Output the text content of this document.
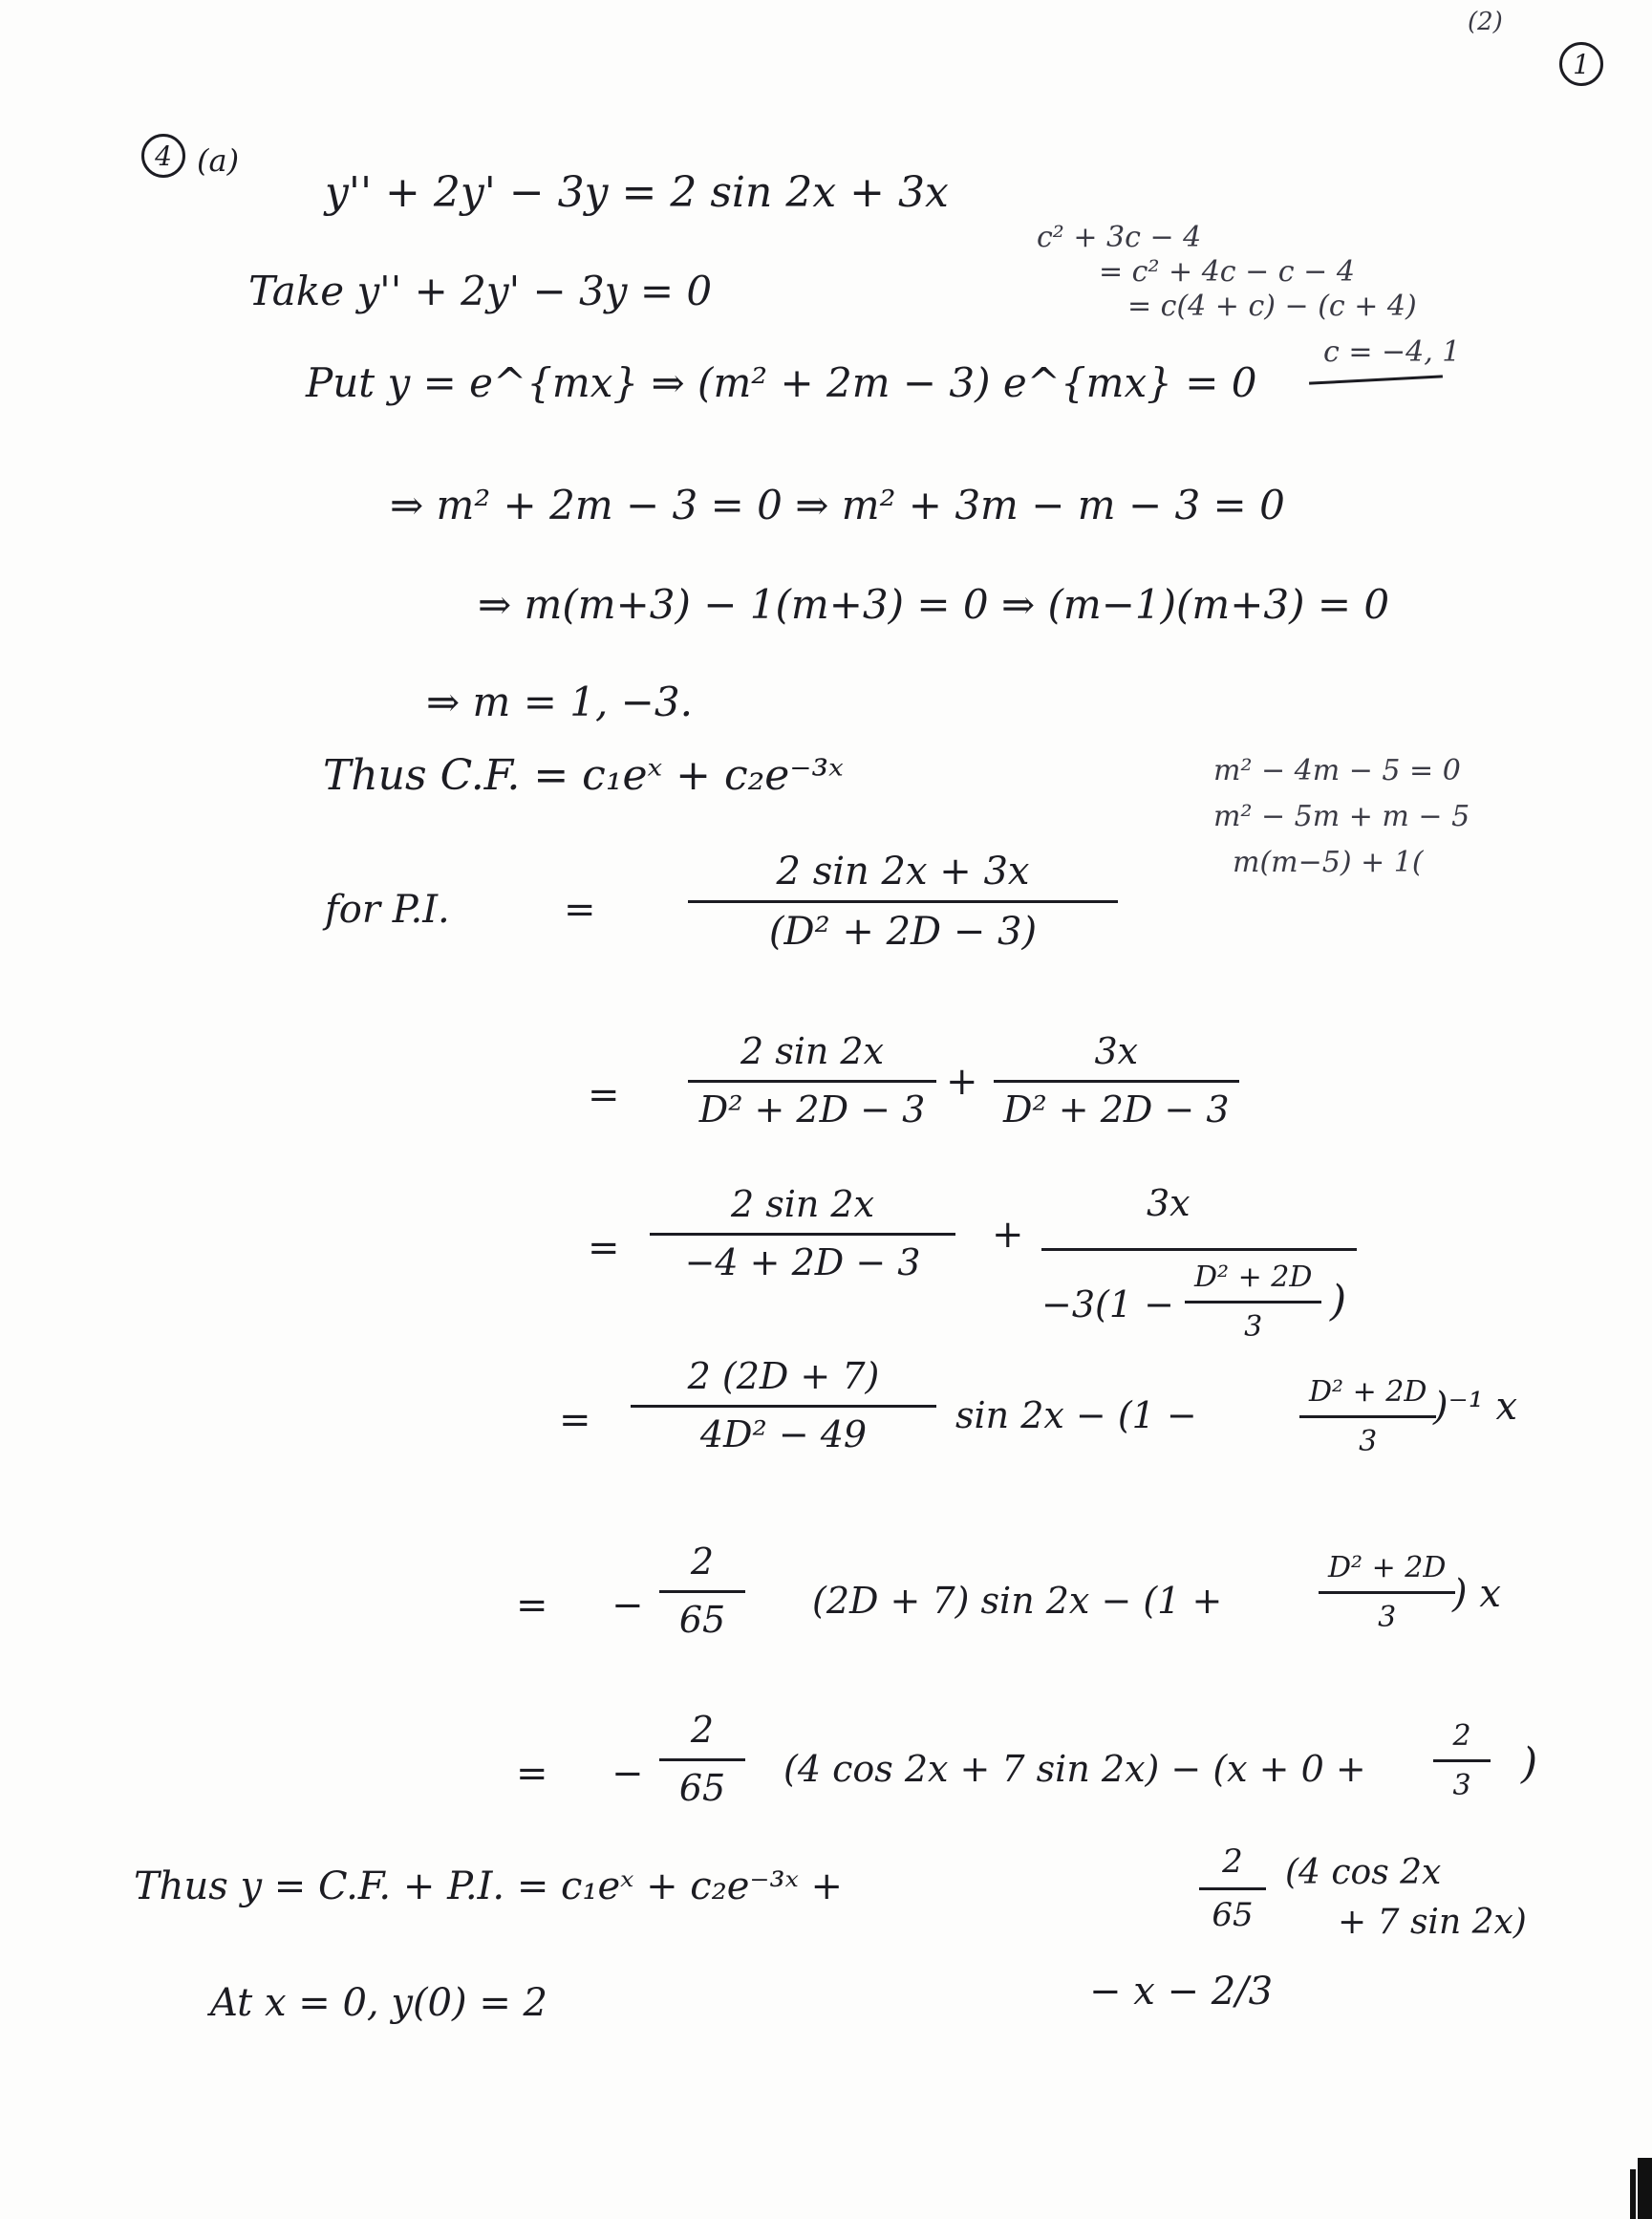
(2)
1
4 (a)
y'' + 2y' − 3y = 2 sin 2x + 3x
c² + 3c − 4
= c² + 4c − c − 4
= c(4 + c) − (c + 4)
c = −4, 1
Take y'' + 2y' − 3y = 0
Put y = e^{mx} ⇒ (m² + 2m − 3) e^{mx} = 0
⇒ m² + 2m − 3 = 0 ⇒ m² + 3m − m − 3 = 0
⇒ m(m+3) − 1(m+3) = 0 ⇒ (m−1)(m+3) = 0
⇒ m = 1, −3.
Thus C.F. = c₁eˣ + c₂e⁻³ˣ	m² − 4m − 5 = 0
m² − 5m + m − 5
m(m−5) + 1(
for P.I.	=
2 sin 2x + 3x
(D² + 2D − 3)
=
2 sin 2x
D² + 2D − 3
+
3x
D² + 2D − 3
=
2 sin 2x
−4 + 2D − 3
+
3x
−3(1 −
D² + 2D
3
)
=
2 (2D + 7)
4D² − 49 sin 2x − (1 −
D² + 2D
3
)⁻¹ x
= −
2
65 (2D + 7) sin 2x − (1 +
D² + 2D
3
) x
= −
2
65 (4 cos 2x + 7 sin 2x) − (x + 0 +
2
3 )
Thus y = C.F. + P.I. = c₁eˣ + c₂e⁻³ˣ +
2
65
(4 cos 2x
+ 7 sin 2x)
− x − 2/3
At x = 0, y(0) = 2
